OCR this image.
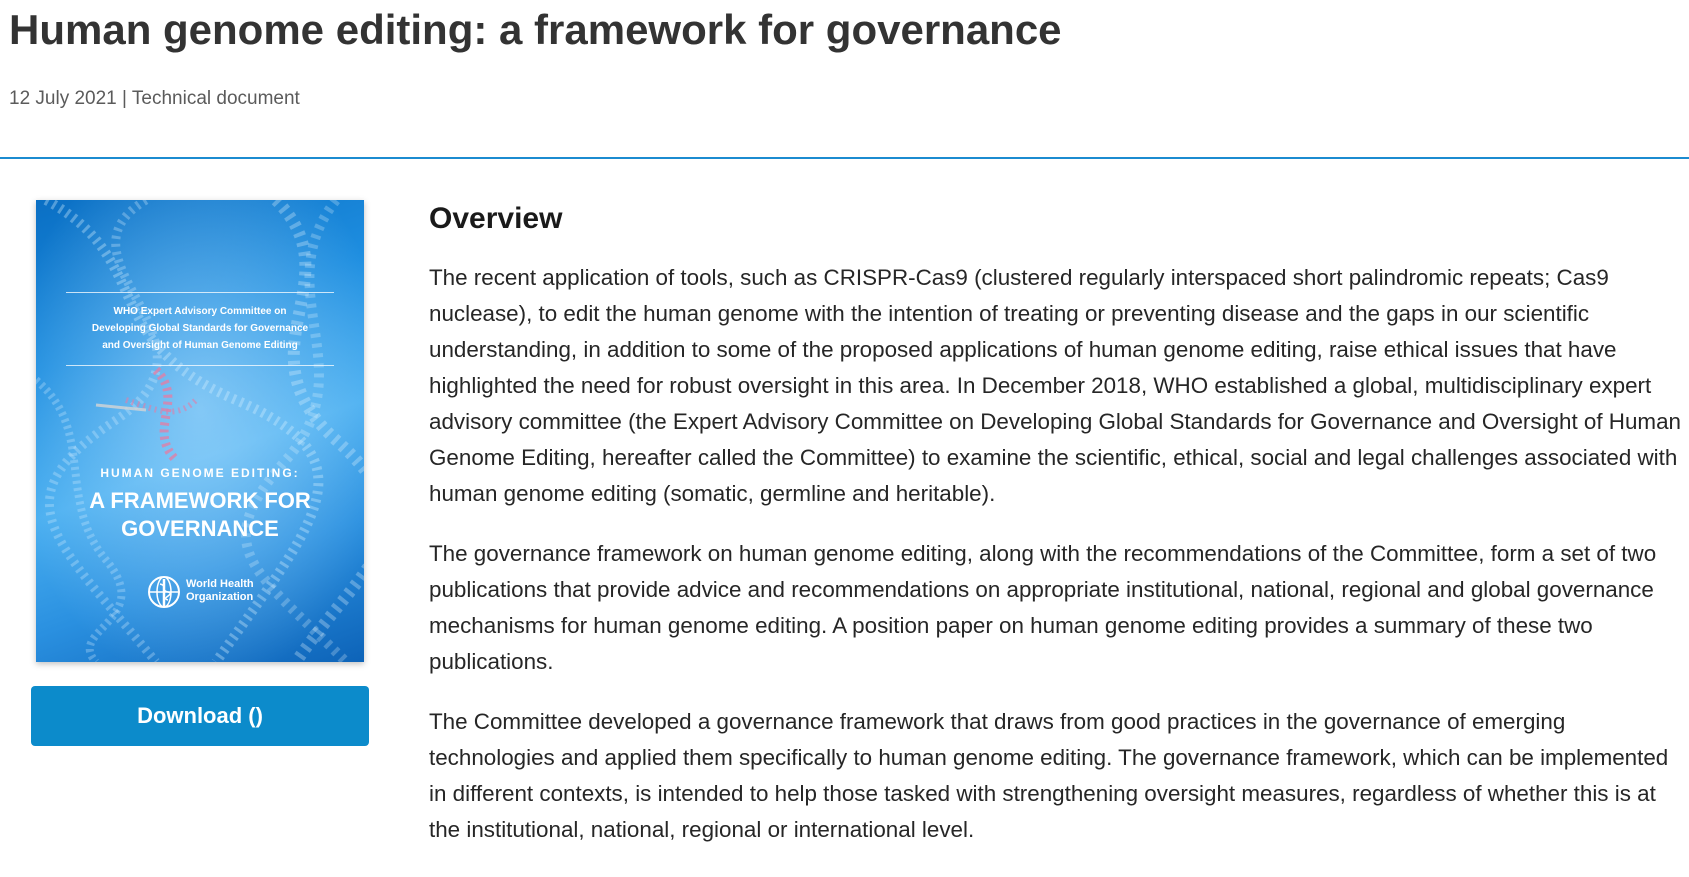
Human genome editing: a framework for governance
12 July 2021 | Technical document
WHO Expert Advisory Committee on
Developing Global Standards for Governance
and Oversight of Human Genome Editing
HUMAN GENOME EDITING:
A FRAMEWORK FOR
GOVERNANCE
World Health
Organization
Download ()
Overview

The recent application of tools, such as CRISPR-Cas9 (clustered regularly interspaced short palindromic repeats; Cas9 nuclease), to edit the human genome with the intention of treating or preventing disease and the gaps in our scientific understanding, in addition to some of the proposed applications of human genome editing, raise ethical issues that have highlighted the need for robust oversight in this area. In December 2018, WHO established a global, multidisciplinary expert advisory committee (the Expert Advisory Committee on Developing Global Standards for Governance and Oversight of Human Genome Editing, hereafter called the Committee) to examine the scientific, ethical, social and legal challenges associated with human genome editing (somatic, germline and heritable).

The governance framework on human genome editing, along with the recommendations of the Committee, form a set of two publications that provide advice and recommendations on appropriate institutional, national, regional and global governance mechanisms for human genome editing. A position paper on human genome editing provides a summary of these two publications.

The Committee developed a governance framework that draws from good practices in the governance of emerging technologies and applied them specifically to human genome editing. The governance framework, which can be implemented in different contexts, is intended to help those tasked with strengthening oversight measures, regardless of whether this is at the institutional, national, regional or international level.
